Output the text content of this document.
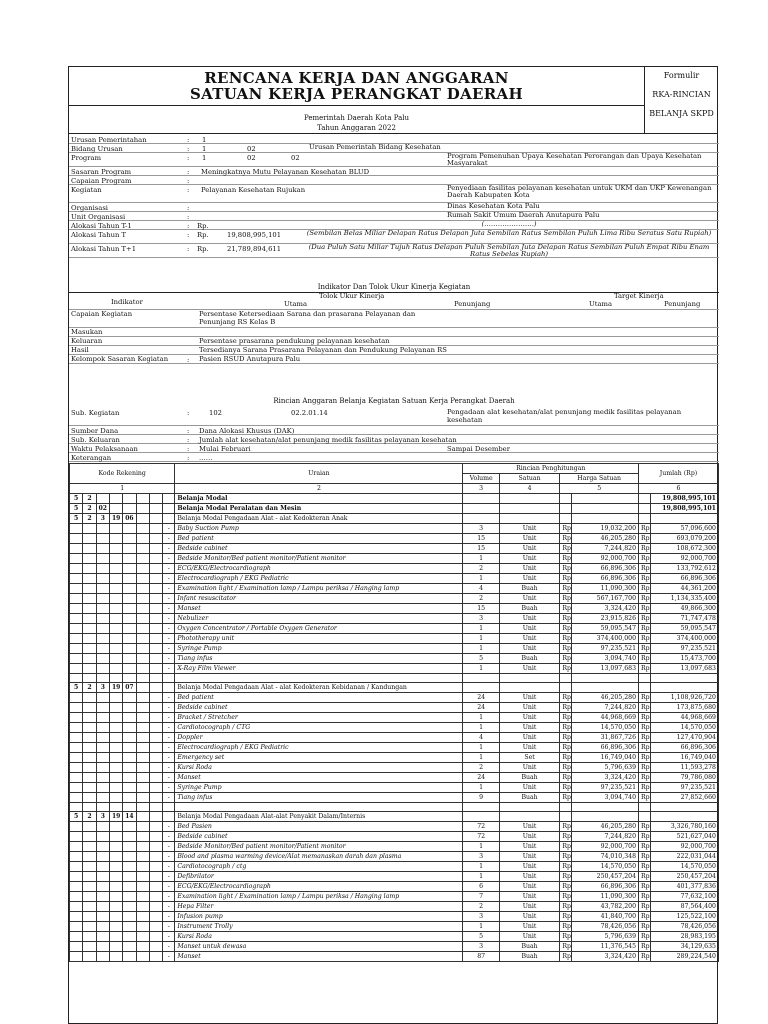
RENCANA KERJA DAN ANGGARAN
SATUAN KERJA PERANGKAT DAERAH
Pemerintah Daerah Kota Palu
Tahun Anggaran 2022
Formulir
RKA-RINCIAN
BELANJA SKPD
Urusan Pemerintahan	: 1
Bidang Urusan	: 1	02	Urusan Pemerintah Bidang Kesehatan
Program	: 1	02	02	Program Pemenuhan Upaya Kesehatan Perorangan dan Upaya Kesehatan Masyarakat
Sasaran Program	: Meningkatnya Mutu Pelayanan Kesehatan BLUD
Capaian Program	:
Kegiatan	: Pelayanan Kesehatan Rujukan	Penyediaan fasilitas pelayanan kesehatan untuk UKM dan UKP Kewenangan Daerah Kabupaten Kota
Organisasi	:	Dinas Kesehatan Kota Palu
Unit Organisasi	:	Rumah Sakit Umum Daerah Anutapura Palu
Alokasi Tahun T-1	: Rp.	(………………….)
Alokasi Tahun T	: Rp.	19,808,995,101	(Sembilan Belas Miliar Delapan Ratus Delapan Juta Sembilan Ratus Sembilan Puluh Lima Ribu Seratus Satu Rupiah)
Alokasi Tahun T+1	: Rp.	21,789,894,611	(Dua Puluh Satu Miliar Tujuh Ratus Delapan Puluh Sembilan Juta Delapan Ratus Sembilan Puluh Empat Ribu Enam Ratus Sebelas Rupiah)
Indikator Dan Tolok Ukur Kinerja Kegiatan
Indikator
Tolok Ukur Kinerja
Utama	Penunjang
Target Kinerja
Utama	Penunjang
Capaian Kegiatan	Persentase Ketersediaan Sarana dan prasarana Pelayanan dan Penunjang RS Kelas B
Masukan
Keluaran	Persentase prasarana pendukung pelayanan kesehatan
Hasil	Tersedianya Sarana Prasarana Pelayanan dan Pendukung Pelayanan RS
Kelompok Sasaran Kegiatan	: Pasien RSUD Anutapura Palu
Rincian Anggaran Belanja Kegiatan Satuan Kerja Perangkat Daerah
Sub. Kegiatan	:	102	02.2.01.14	Pengadaan alat kesehatan/alat penunjang medik fasilitas pelayanan kesehatan
Sumber Dana	: Dana Alokasi Khusus (DAK)
Sub. Keluaran	: Jumlah alat kesehatan/alat penunjang medik fasilitas pelayanan kesehatan
Waktu Pelaksanaan	: Mulai Februari	Sampai Desember
Keterangan	: ……
Kode Rekening								Uraian	Rincian Penghitungan				Jumlah (Rp)	
									Volume	Satuan	Harga Satuan			
1								2	3	4	5		6	
5	2							Belanja Modal						19,808,995,101
5	2	02						Belanja Modal Peralatan dan Mesin						19,808,995,101
5	2	3	19	06				Belanja Modal Pengadaan Alat - alat Kedokteran Anak						
							-	Baby Suction Pump	3	Unit	Rp	19,032,200	Rp	57,096,600
							-	Bed patient	15	Unit	Rp	46,205,280	Rp	693,079,200
							-	Bedside cabinet	15	Unit	Rp	7,244,820	Rp	108,672,300
							-	Bedside Monitor/Bed patient monitor/Patient monitor	1	Unit	Rp	92,000,700	Rp	92,000,700
							-	ECG/EKG/Electrocardiograph	2	Unit	Rp	66,896,306	Rp	133,792,612
							-	Electrocardiograph / EKG Pediatric	1	Unit	Rp	66,896,306	Rp	66,896,306
							-	Examination light / Examination lamp / Lampu periksa / Hanging lamp	4	Buah	Rp	11,090,300	Rp	44,361,200
							-	Infant resuscitator	2	Unit	Rp	567,167,700	Rp	1,134,335,400
							-	Manset	15	Buah	Rp	3,324,420	Rp	49,866,300
							-	Nebulizer	3	Unit	Rp	23,915,826	Rp	71,747,478
							-	Oxygen Concentrator / Portable Oxygen Generator	1	Unit	Rp	59,095,547	Rp	59,095,547
							-	Phototherapy unit	1	Unit	Rp	374,400,000	Rp	374,400,000
							-	Syringe Pump	1	Unit	Rp	97,235,521	Rp	97,235,521
							-	Tiang infus	5	Buah	Rp	3,094,740	Rp	15,473,700
							-	X-Ray Film Viewer	1	Unit	Rp	13,097,683	Rp	13,097,683

5	2	3	19	07				Belanja Modal Pengadaan Alat - alat Kedokteran Kebidanan / Kandungan						
							-	Bed patient	24	Unit	Rp	46,205,280	Rp	1,108,926,720
							-	Bedside cabinet	24	Unit	Rp	7,244,820	Rp	173,875,680
							-	Bracket / Stretcher	1	Unit	Rp	44,968,669	Rp	44,968,669
							-	Cardiotocograph / CTG	1	Unit	Rp	14,570,050	Rp	14,570,050
							-	Doppler	4	Unit	Rp	31,867,726	Rp	127,470,904
							-	Electrocardiograph / EKG Pediatric	1	Unit	Rp	66,896,306	Rp	66,896,306
							-	Emergency set	1	Set	Rp	16,749,040	Rp	16,749,040
							-	Kursi Roda	2	Unit	Rp	5,796,639	Rp	11,593,278
							-	Manset	24	Buah	Rp	3,324,420	Rp	79,786,080
							-	Syringe Pump	1	Unit	Rp	97,235,521	Rp	97,235,521
							-	Tiang infus	9	Buah	Rp	3,094,740	Rp	27,852,660

5	2	3	19	14				Belanja Modal Pengadaan Alat-alat Penyakit Dalam/Internis						
							-	Bed Pasien	72	Unit	Rp	46,205,280	Rp	3,326,780,160
							-	Bedside cabinet	72	Unit	Rp	7,244,820	Rp	521,627,040
							-	Bedside Monitor/Bed patient monitor/Patient monitor	1	Unit	Rp	92,000,700	Rp	92,000,700
							-	Blood and plasma warming device/Alat memanaskan darah dan plasma	3	Unit	Rp	74,010,348	Rp	222,031,044
							-	Cardiotocograph / ctg	1	Unit	Rp	14,570,050	Rp	14,570,050
							-	Defibrilator	1	Unit	Rp	250,457,204	Rp	250,457,204
							-	ECG/EKG/Electrocardiograph	6	Unit	Rp	66,896,306	Rp	401,377,836
							-	Examination light / Examination lamp / Lampu periksa / Hanging lamp	7	Unit	Rp	11,090,300	Rp	77,632,100
							-	Hepa Filter	2	Unit	Rp	43,782,200	Rp	87,564,400
							-	Infusion pump	3	Unit	Rp	41,840,700	Rp	125,522,100
							-	Instrument Trolly	1	Unit	Rp	78,426,056	Rp	78,426,056
							-	Kursi Roda	5	Unit	Rp	5,796,639	Rp	28,983,195
							-	Manset untuk dewasa	3	Buah	Rp	11,376,545	Rp	34,129,635
							-	Manset	87	Buah	Rp	3,324,420	Rp	289,224,540
